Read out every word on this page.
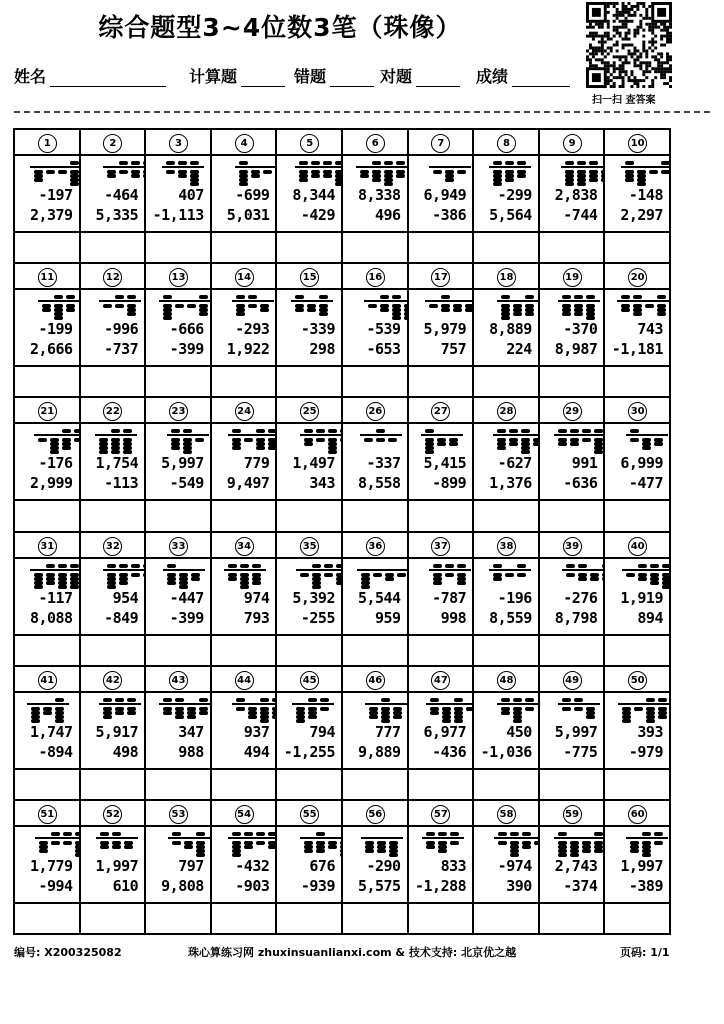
综合题型3~4位数3笔（珠像）
扫一扫 查答案
姓名	计算题	错题	对题	成绩
1
-197
2,379
2
-464
5,335
3
407
-1,113
4
-699
5,031
5
8,344
-429
6
8,338
496
7
6,949
-386
8
-299
5,564
9
2,838
-744
10
-148
2,297
11
-199
2,666
12
-996
-737
13
-666
-399
14
-293
1,922
15
-339
298
16
-539
-653
17
5,979
757
18
8,889
224
19
-370
8,987
20
743
-1,181
21
-176
2,999
22
1,754
-113
23
5,997
-549
24
779
9,497
25
1,497
343
26
-337
8,558
27
5,415
-899
28
-627
1,376
29
991
-636
30
6,999
-477
31
-117
8,088
32
954
-849
33
-447
-399
34
974
793
35
5,392
-255
36
5,544
959
37
-787
998
38
-196
8,559
39
-276
8,798
40
1,919
894
41
1,747
-894
42
5,917
498
43
347
988
44
937
494
45
794
-1,255
46
777
9,889
47
6,977
-436
48
450
-1,036
49
5,997
-775
50
393
-979
51
1,779
-994
52
1,997
610
53
797
9,808
54
-432
-903
55
676
-939
56
-290
5,575
57
833
-1,288
58
-974
390
59
2,743
-374
60
1,997
-389
编号: X200325082	珠心算练习网 zhuxinsuanlianxi.com & 技术支持: 北京优之越	页码: 1/1
